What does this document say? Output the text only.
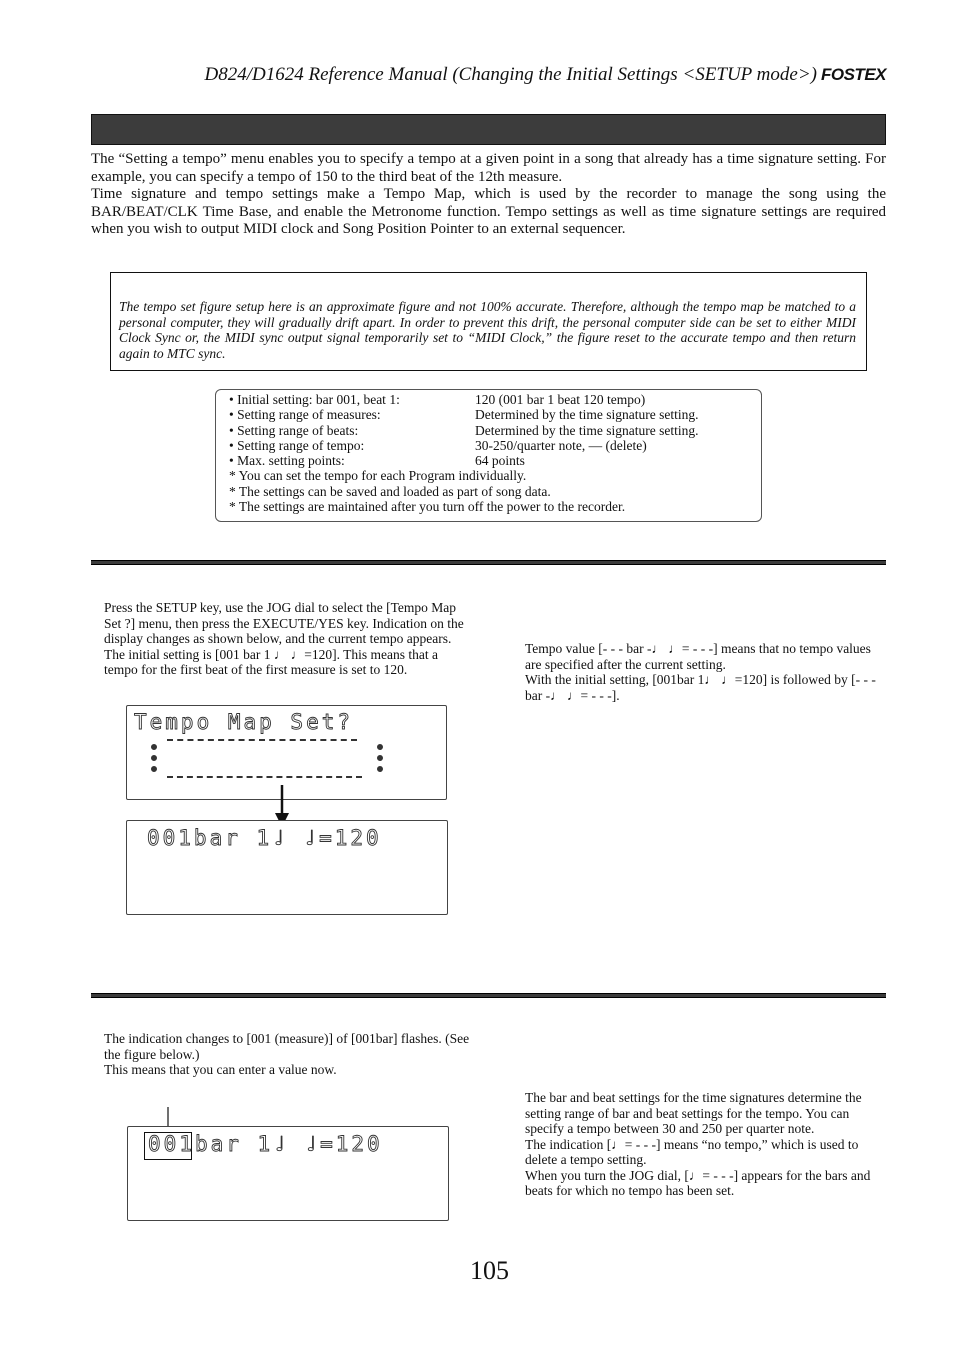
D824/D1624 Reference Manual (Changing the Initial Settings <SETUP mode>) FOSTEX

The “Setting a tempo” menu enables you to specify a tempo at a given point in a song that already has a time signature setting. For example, you can specify a tempo of 150 to the third beat of the 12th measure.

Time signature and tempo settings make a Tempo Map, which is used by the recorder to manage the song using the BAR/BEAT/CLK Time Base, and enable the Metronome function. Tempo settings as well as time signature settings are required when you wish to output MIDI clock and Song Position Pointer to an external sequencer.

The tempo set figure setup here is an approximate figure and not 100% accurate. Therefore, although the tempo map be matched to a personal computer, they will gradually drift apart. In order to prevent this drift, the personal computer side can be set to either MIDI Clock Sync or, the MIDI sync output signal temporarily set to “MIDI Clock,” the figure reset to the accurate tempo and then return again to MTC sync.
• Initial setting: bar 001, beat 1:	120 (001 bar 1 beat 120 tempo)
• Setting range of measures:	Determined by the time signature setting.
• Setting range of beats:	Determined by the time signature setting.
• Setting range of tempo:	30-250/quarter note, — (delete)
• Max. setting points:	64 points
* You can set the tempo for each Program individually.
* The settings can be saved and loaded as part of song data.
* The settings are maintained after you turn off the power to the recorder.
Press the SETUP key, use the JOG dial to select the [Tempo Map Set ?] menu, then press the EXECUTE/YES key. Indication on the display changes as shown below, and the current tempo appears. The initial setting is [001 bar 1 ♩ ♩=120]. This means that a tempo for the first beat of the first measure is set to 120.
Tempo Map Set?
001bar 1♩ ♩=120
Tempo value [- - - bar -♩ ♩= - - -] means that no tempo values are specified after the current setting.
With the initial setting, [001bar 1♩ ♩=120] is followed by [- - - bar -♩ ♩= - - -].
The indication changes to [001 (measure)] of [001bar] flashes. (See the figure below.)
This means that you can enter a value now.
001bar 1♩ ♩=120
The bar and beat settings for the time signatures determine the setting range of bar and beat settings for the tempo. You can specify a tempo between 30 and 250 per quarter note.
The indication [♩= - - -] means “no tempo,” which is used to delete a tempo setting.
When you turn the JOG dial, [♩= - - -] appears for the bars and beats for which no tempo has been set.
105
